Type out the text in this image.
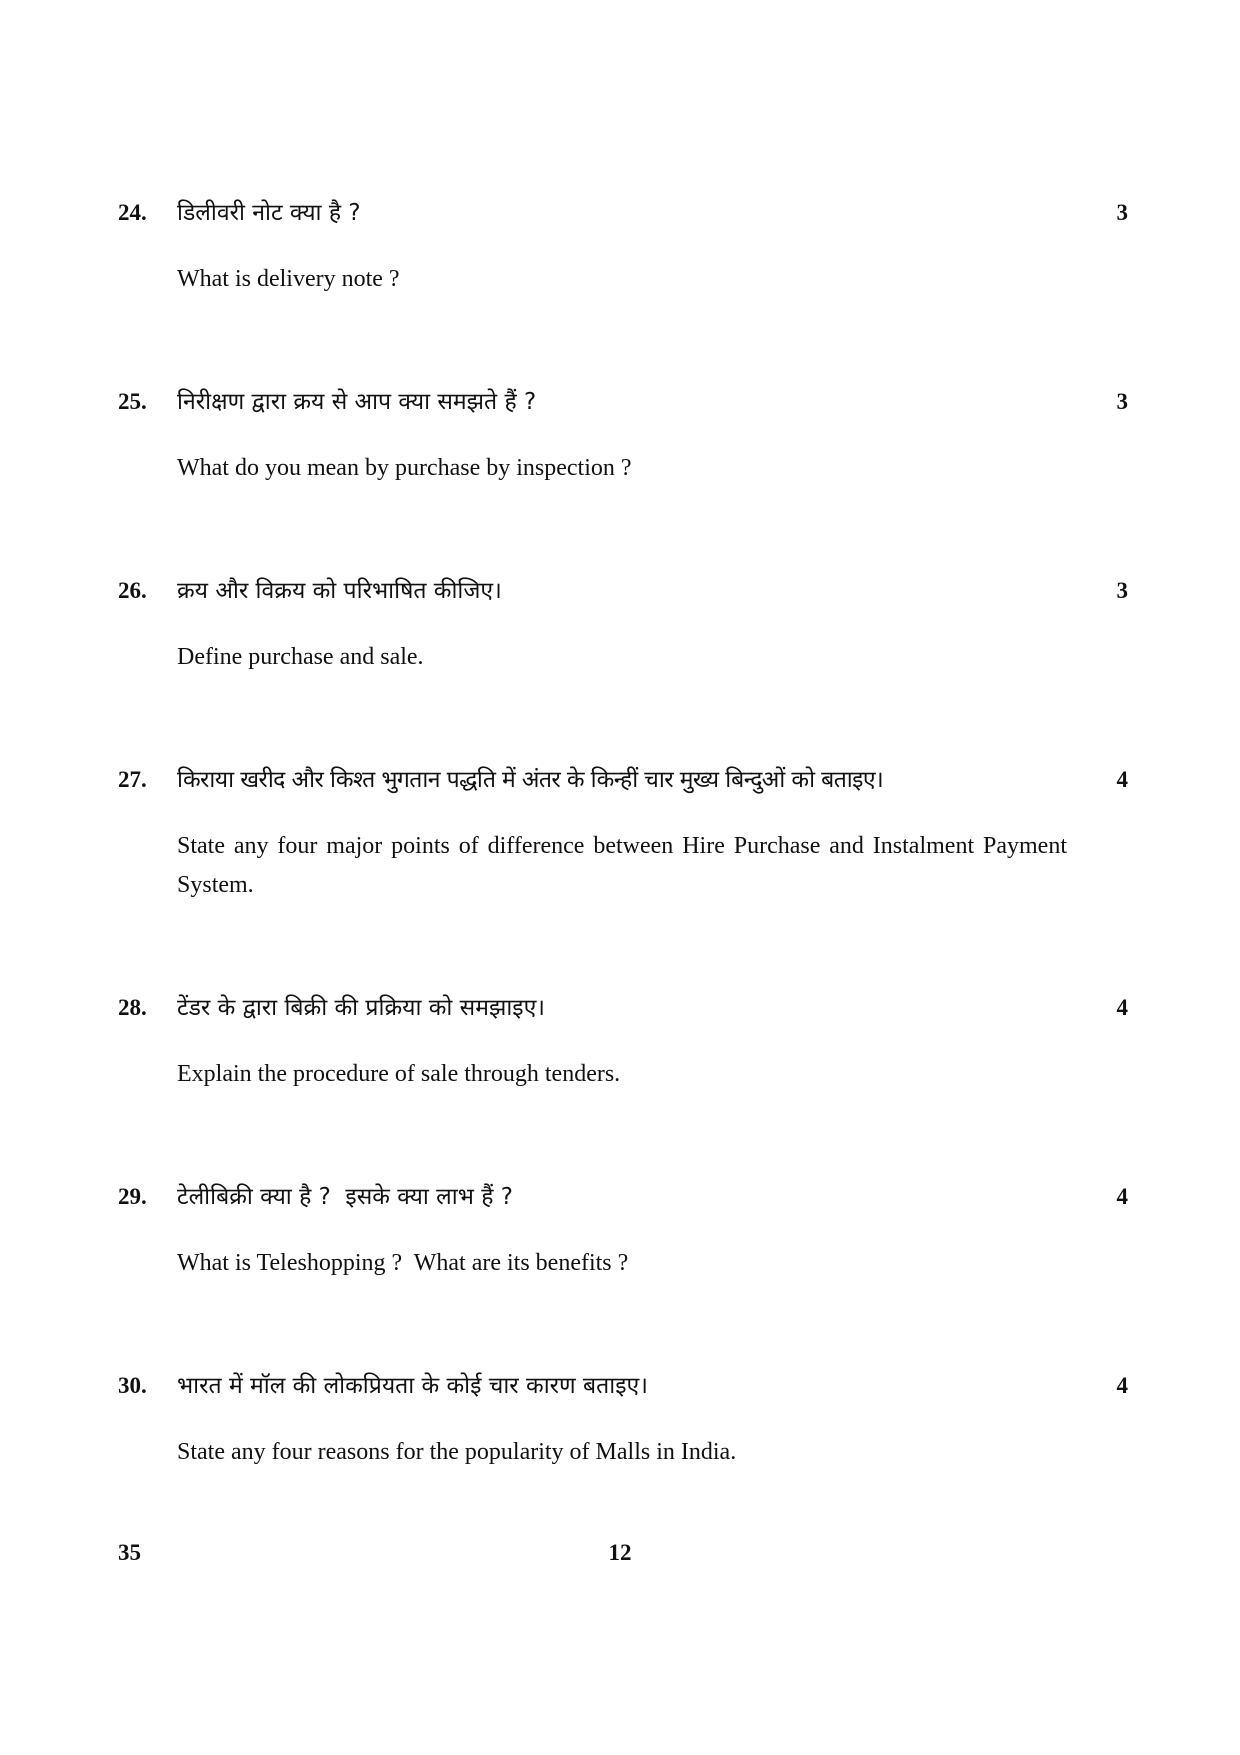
24. डिलीवरी नोट क्या है ?	3
What is delivery note ?
25. निरीक्षण द्वारा क्रय से आप क्या समझते हैं ?	3
What do you mean by purchase by inspection ?
26. क्रय और विक्रय को परिभाषित कीजिए।	3
Define purchase and sale.
27. किराया खरीद और किश्त भुगतान पद्धति में अंतर के किन्हीं चार मुख्य बिन्दुओं को बताइए।	4
State any four major points of difference between Hire Purchase and Instalment Payment System.
28. टेंडर के द्वारा बिक्री की प्रक्रिया को समझाइए।	4
Explain the procedure of sale through tenders.
29. टेलीबिक्री क्या है ?  इसके क्या लाभ हैं ?	4
What is Teleshopping ?  What are its benefits ?
30. भारत में मॉल की लोकप्रियता के कोई चार कारण बताइए।	4
State any four reasons for the popularity of Malls in India.
35	12
